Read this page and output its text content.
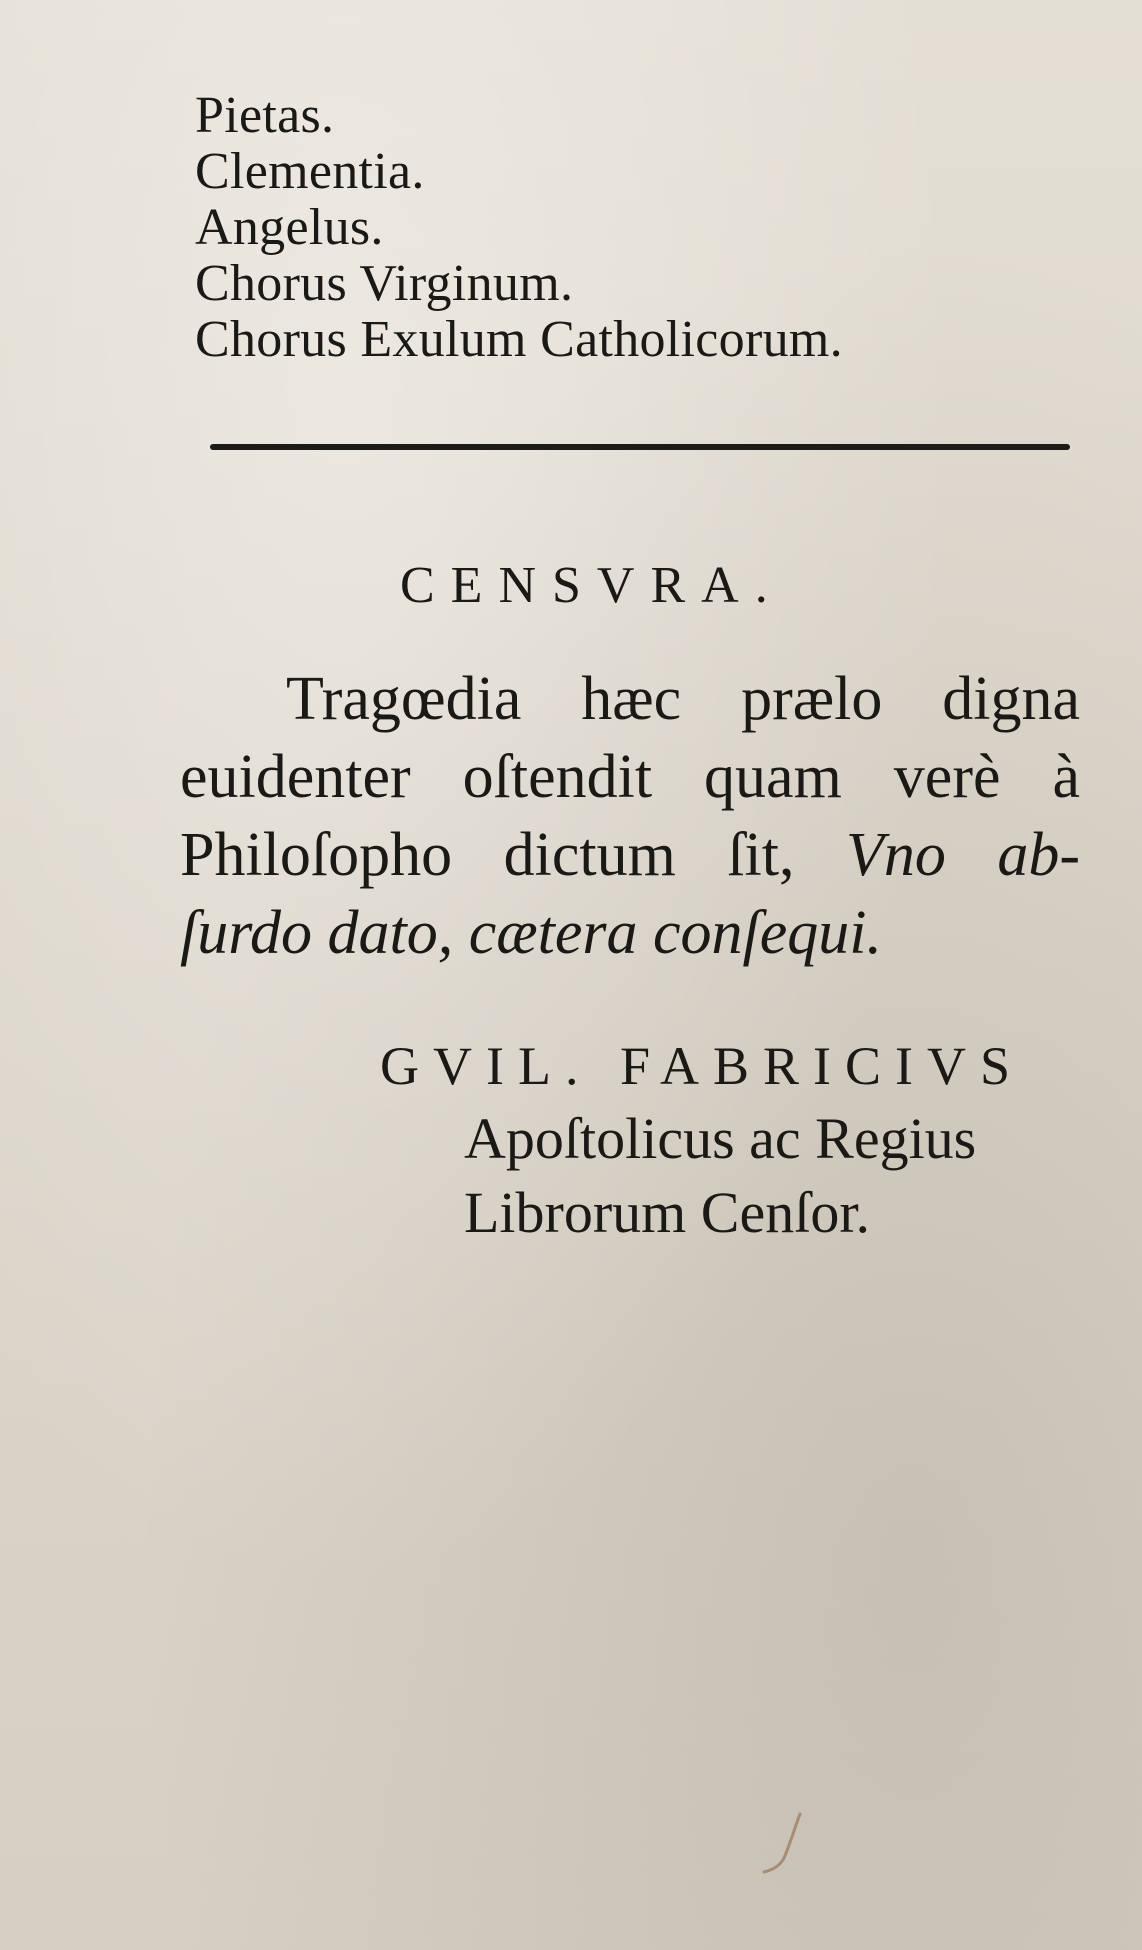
Pietas.
Clementia.
Angelus.
Chorus Virginum.
Chorus Exulum Catholicorum.
CENSVRA.
Tragœdia hæc prælo digna
euidenter oſtendit quam verè à
Philoſopho dictum ſit, Vno ab-
ſurdo dato, cætera conſequi.
GVIL. FABRICIVS
Apoſtolicus ac Regius
Librorum Cenſor.
